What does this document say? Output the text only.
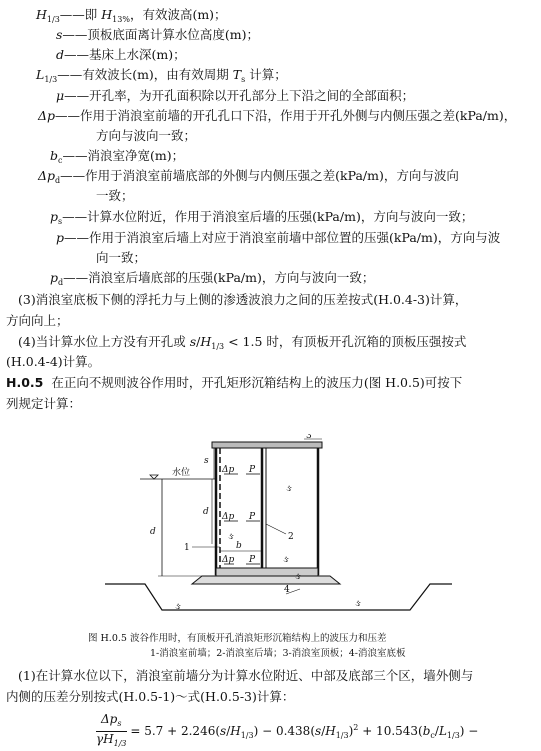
$H_{1/3}——$即 $H_{13\%}$，有效波高(m)；
s——顶板底面离计算水位高度(m)；
d——基床上水深(m)；
$L_{1/3}——$有效波长(m)，由有效周期 $T_s$ 计算；
μ——开孔率，为开孔面积除以开孔部分上下沿之间的全部面积；
Δp——作用于消浪室前墙的开孔孔口下沿，作用于开孔外侧与内侧压强之差(kPa/m)，
方向与波向一致；
$b_c——$消浪室净宽(m)；
$\Delta p_d——$作用于消浪室前墙底部的外侧与内侧压强之差(kPa/m)，方向与波向
一致；
$p_s——$计算水位附近，作用于消浪室后墙的压强(kPa/m)，方向与波向一致；
p——作用于消浪室后墙上对应于消浪室前墙中部位置的压强(kPa/m)，方向与波
向一致；
$p_d——$消浪室后墙底部的压强(kPa/m)，方向与波向一致；
(3)消浪室底板下侧的浮托力与上侧的渗透波浪力之间的压差按式(H.0.4-3)计算，
方向向上；
(4)当计算水位上方没有开孔或 $s/H_{1/3} < 1.5$ 时，有顶板开孔沉箱的顶板压强按式
(H.0.4-4)计算。
H.0.5 在正向不规则波谷作用时，开孔矩形沉箱结构上的波压力(图 H.0.5)可按下
列规定计算：
ઙ
ઙ
ઙ
ઙ
ઙ	ઙ
3
2
1
4
水位
s
d
d
b
Δp P
Δp P
Δp P
图 H.0.5 波谷作用时，有顶板开孔消浪矩形沉箱结构上的波压力和压差
1-消浪室前墙；2-消浪室后墙；3-消浪室顶板；4-消浪室底板
(1)在计算水位以下，消浪室前墙分为计算水位附近、中部及底部三个区，墙外侧与
内侧的压差分别按式(H.0.5-1)～式(H.0.5-3)计算：
$\Delta p_s$
$\gamma H_{1/3}$
= $5.7 + 2.246(s/H_{1/3}) - 0.438(s/H_{1/3})^2 + 10.543(b_c/L_{1/3})$ −
